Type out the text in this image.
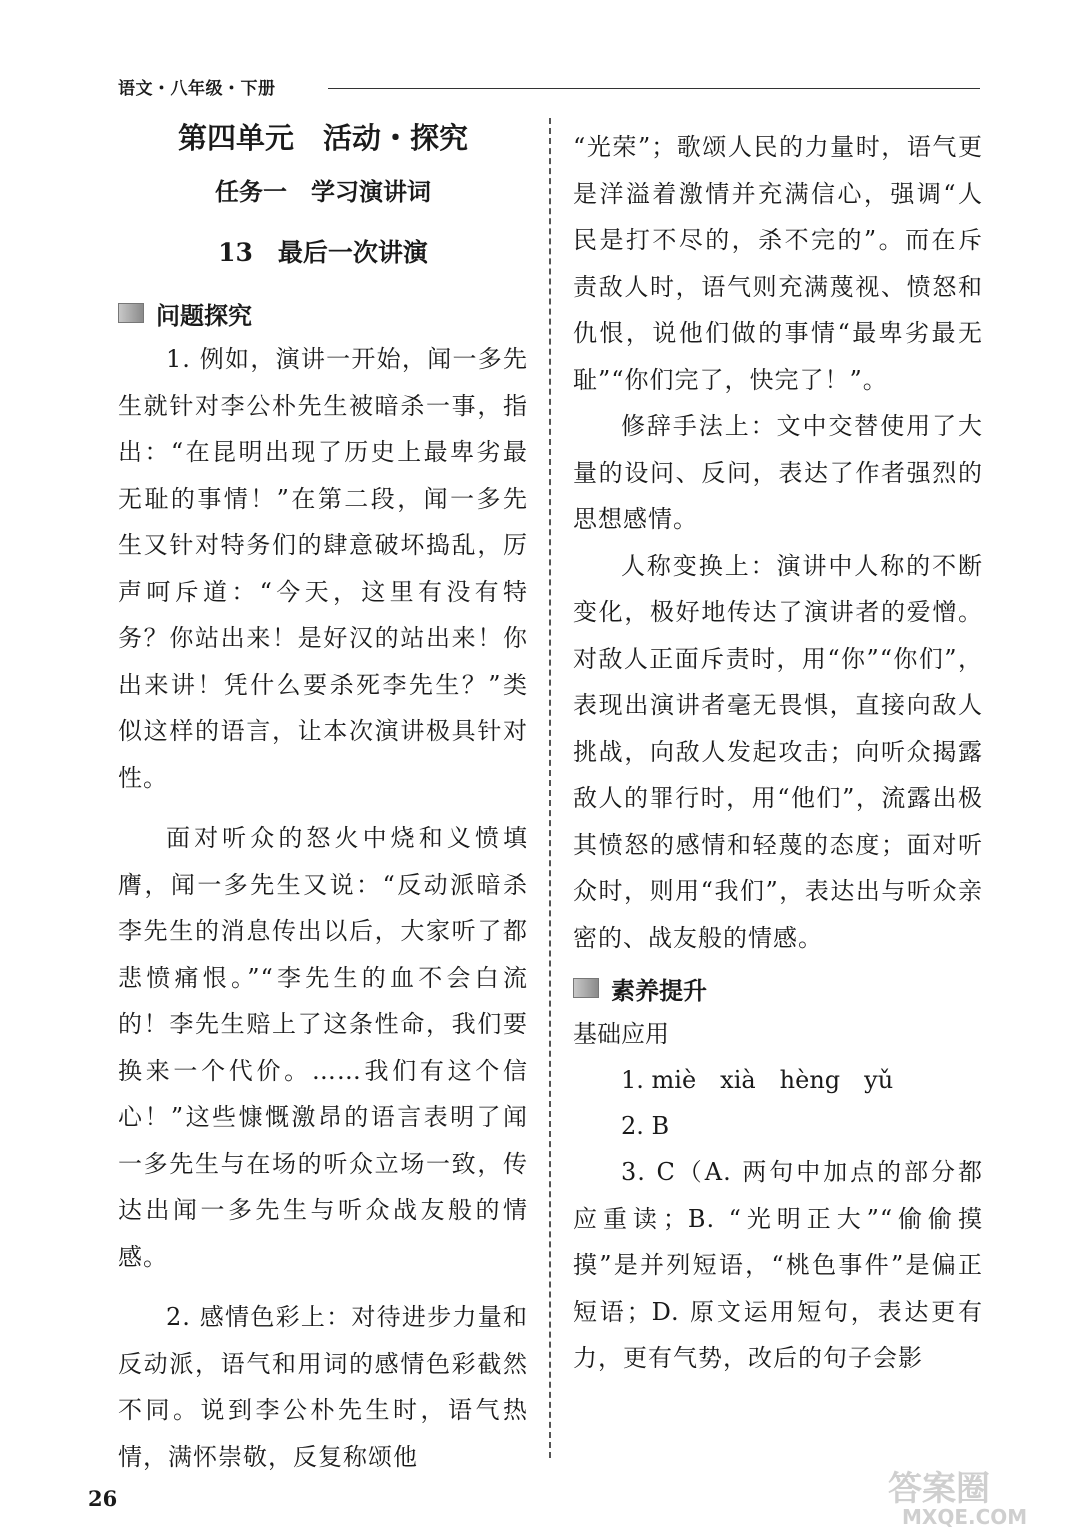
语文・八年级・下册
第四单元　活动・探究
任务一　学习演讲词
13　最后一次讲演
问题探究

1. 例如，演讲一开始，闻一多先生就针对李公朴先生被暗杀一事，指出：“在昆明出现了历史上最卑劣最无耻的事情！”在第二段，闻一多先生又针对特务们的肆意破坏捣乱，厉声呵斥道：“今天，这里有没有特务？你站出来！是好汉的站出来！你出来讲！凭什么要杀死李先生？”类似这样的语言，让本次演讲极具针对性。

面对听众的怒火中烧和义愤填膺，闻一多先生又说：“反动派暗杀李先生的消息传出以后，大家听了都悲愤痛恨。”“李先生的血不会白流的！李先生赔上了这条性命，我们要换来一个代价。……我们有这个信心！”这些慷慨激昂的语言表明了闻一多先生与在场的听众立场一致，传达出闻一多先生与听众战友般的情感。

2. 感情色彩上：对待进步力量和反动派，语气和用词的感情色彩截然不同。说到李公朴先生时，语气热情，满怀崇敬，反复称颂他

“光荣”；歌颂人民的力量时，语气更是洋溢着激情并充满信心，强调“人民是打不尽的，杀不完的”。而在斥责敌人时，语气则充满蔑视、愤怒和仇恨，说他们做的事情“最卑劣最无耻”“你们完了，快完了！”。

修辞手法上：文中交替使用了大量的设问、反问，表达了作者强烈的思想感情。

人称变换上：演讲中人称的不断变化，极好地传达了演讲者的爱憎。对敌人正面斥责时，用“你”“你们”，表现出演讲者毫无畏惧，直接向敌人挑战，向敌人发起攻击；向听众揭露敌人的罪行时，用“他们”，流露出极其愤怒的感情和轻蔑的态度；面对听众时，则用“我们”，表达出与听众亲密的、战友般的情感。

素养提升

基础应用

1. miè　xià　hèng　yǔ

2. B

3. C（A. 两句中加点的部分都应重读；B. “光明正大”“偷偷摸摸”是并列短语，“桃色事件”是偏正短语；D. 原文运用短句，表达更有力，更有气势，改后的句子会影

26	答案圈
MXQE.COM
